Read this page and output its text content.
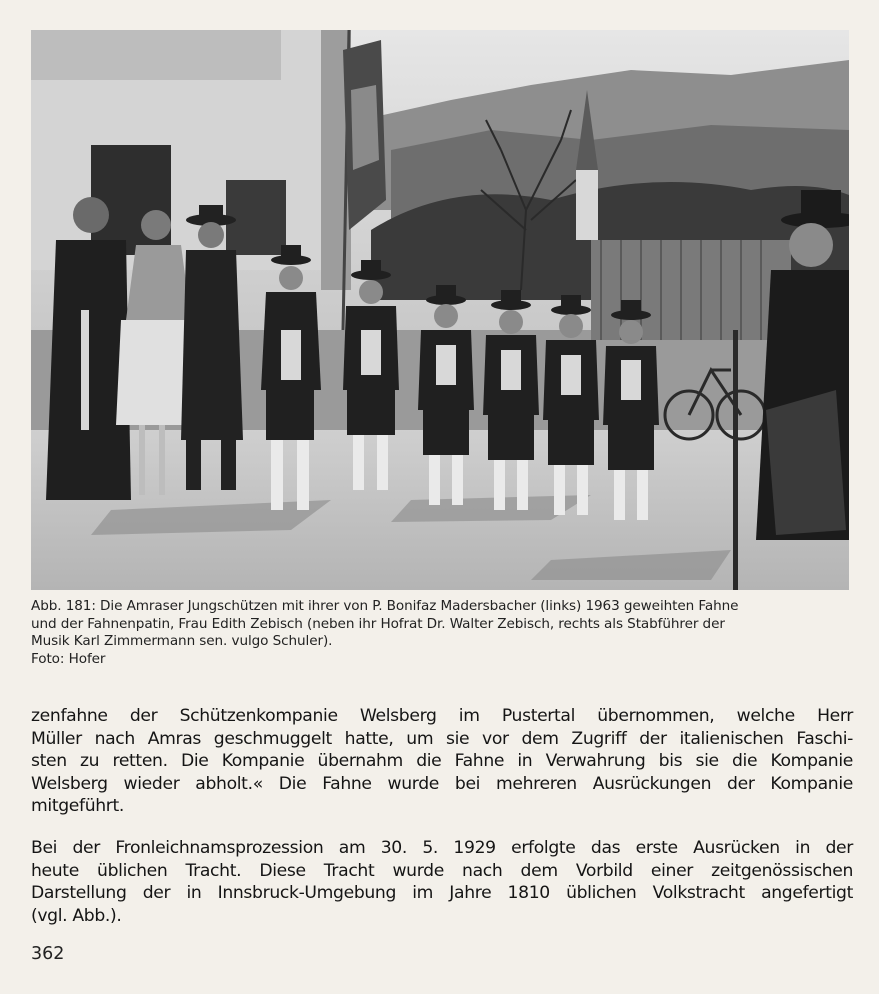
Abb. 181: Die Amraser Jungschützen mit ihrer von P. Bonifaz Madersbacher (links) 1963 geweihten Fahne
und der Fahnenpatin, Frau Edith Zebisch (neben ihr Hofrat Dr. Walter Zebisch, rechts als Stabführer der
Musik Karl Zimmermann sen. vulgo Schuler).
Foto: Hofer
zenfahne der Schützenkompanie Welsberg im Pustertal übernommen, welche Herr
Müller nach Amras geschmuggelt hatte, um sie vor dem Zugriff der italienischen Faschi-
sten zu retten. Die Kompanie übernahm die Fahne in Verwahrung bis sie die Kompanie
Welsberg wieder abholt.« Die Fahne wurde bei mehreren Ausrückungen der Kompanie
mitgeführt.
Bei der Fronleichnamsprozession am 30. 5. 1929 erfolgte das erste Ausrücken in der
heute üblichen Tracht. Diese Tracht wurde nach dem Vorbild einer zeitgenössischen
Darstellung der in Innsbruck-Umgebung im Jahre 1810 üblichen Volkstracht angefertigt
(vgl. Abb.).
362
